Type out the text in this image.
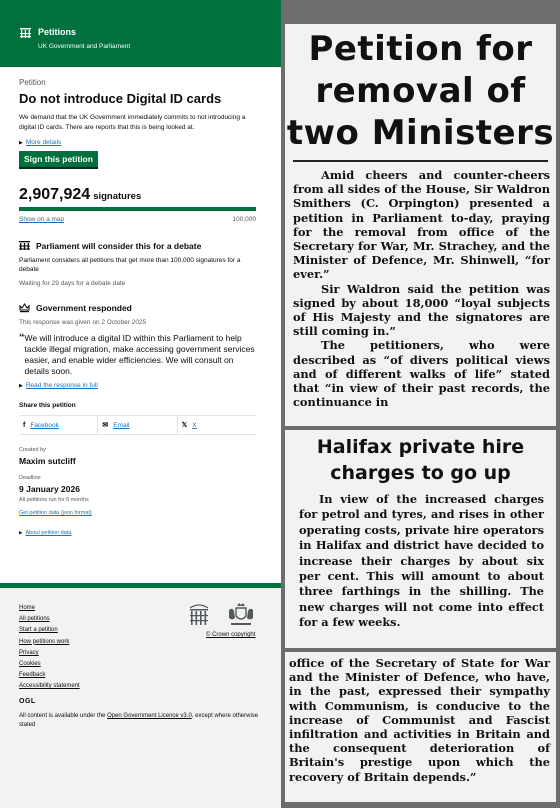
Petitions
UK Government and Parliament
Petition
Do not introduce Digital ID cards
We demand that the UK Government immediately commits to not introducing a digital ID cards. There are reports that this is being looked at.
▶ More details
Sign this petition
2,907,924 signatures
Show on a map	100,000
Parliament will consider this for a debate
Parliament considers all petitions that get more than 100,000 signatures for a debate
Waiting for 29 days for a debate date
Government responded
This response was given on 2 October 2025
“ We will introduce a digital ID within this Parliament to help tackle illegal migration, make accessing government services easier, and enable wider efficiencies. We will consult on details soon.
▶ Read the response in full
Share this petition
f Facebook	✉ Email	𝕏 X
Created by
Maxim sutcliff
Deadline
9 January 2026
All petitions run for 6 months
Get petition data (json format)
▶ About petition data
Home
All petitions
Start a petition
How petitions work
Privacy
Cookies
Feedback
Accessibility statement
© Crown copyright
OGL
All content is available under the Open Government Licence v3.0, except where otherwise stated
Petition for
removal of
two Ministers

Amid cheers and counter-cheers from all sides of the House, Sir Waldron Smithers (C. Orpington) presented a petition in Parliament to-day, praying for the removal from office of the Secretary for War, Mr. Strachey, and the Minister of Defence, Mr. Shinwell, “for ever.”

Sir Waldron said the petition was signed by about 18,000 “loyal subjects of His Majesty and the signatores are still coming in.”

The petitioners, who were described as “of divers political views and of different walks of life” stated that “in view of their past records, the continuance in

Halifax private hire
charges to go up

In view of the increased charges for petrol and tyres, and rises in other operating costs, private hire operators in Halifax and district have decided to increase their charges by about six per cent. This will amount to about three farthings in the shilling. The new charges will not come into effect for a few weeks.

office of the Secretary of State for War and the Minister of Defence, who have, in the past, expressed their sympathy with Communism, is conducive to the increase of Communist and Fascist infiltration and activities in Britain and the consequent deterioration of Britain's prestige upon which the recovery of Britain depends.”
